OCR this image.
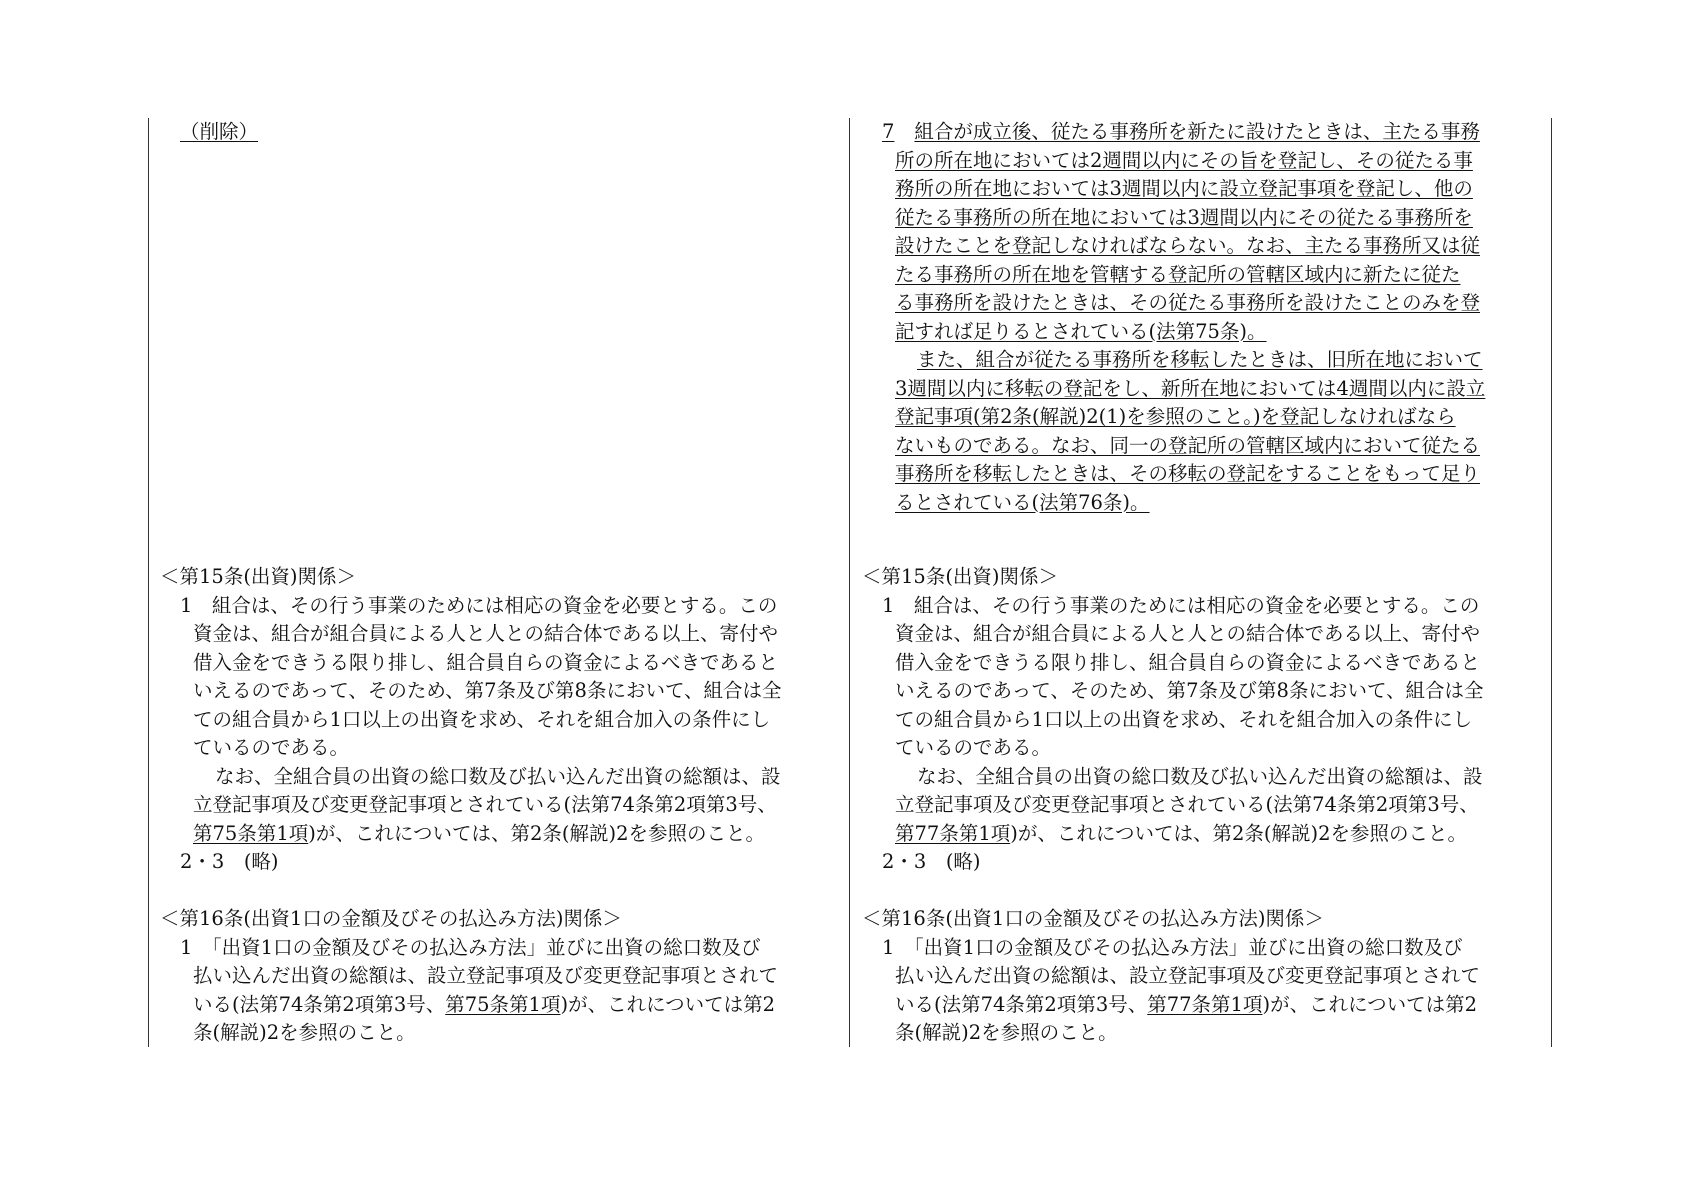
（削除）

＜第15条(出資)関係＞

1　組合は、その行う事業のためには相応の資金を必要とする。この

資金は、組合が組合員による人と人との結合体である以上、寄付や

借入金をできうる限り排し、組合員自らの資金によるべきであると

いえるのであって、そのため、第7条及び第8条において、組合は全

ての組合員から1口以上の出資を求め、それを組合加入の条件にし

ているのである。

なお、全組合員の出資の総口数及び払い込んだ出資の総額は、設

立登記事項及び変更登記事項とされている(法第74条第2項第3号、

第75条第1項)が、これについては、第2条(解説)2を参照のこと。

2・3　(略)

＜第16条(出資1口の金額及びその払込み方法)関係＞

1　「出資1口の金額及びその払込み方法」並びに出資の総口数及び

払い込んだ出資の総額は、設立登記事項及び変更登記事項とされて

いる(法第74条第2項第3号、第75条第1項)が、これについては第2

条(解説)2を参照のこと。

7 組合が成立後、従たる事務所を新たに設けたときは、主たる事務

所の所在地においては2週間以内にその旨を登記し、その従たる事

務所の所在地においては3週間以内に設立登記事項を登記し、他の

従たる事務所の所在地においては3週間以内にその従たる事務所を

設けたことを登記しなければならない。なお、主たる事務所又は従

たる事務所の所在地を管轄する登記所の管轄区域内に新たに従た

る事務所を設けたときは、その従たる事務所を設けたことのみを登

記すれば足りるとされている(法第75条)。

また、組合が従たる事務所を移転したときは、旧所在地において

3週間以内に移転の登記をし、新所在地においては4週間以内に設立

登記事項(第2条(解説)2(1)を参照のこと。)を登記しなければなら

ないものである。なお、同一の登記所の管轄区域内において従たる

事務所を移転したときは、その移転の登記をすることをもって足り

るとされている(法第76条)。

＜第15条(出資)関係＞

1　組合は、その行う事業のためには相応の資金を必要とする。この

資金は、組合が組合員による人と人との結合体である以上、寄付や

借入金をできうる限り排し、組合員自らの資金によるべきであると

いえるのであって、そのため、第7条及び第8条において、組合は全

ての組合員から1口以上の出資を求め、それを組合加入の条件にし

ているのである。

なお、全組合員の出資の総口数及び払い込んだ出資の総額は、設

立登記事項及び変更登記事項とされている(法第74条第2項第3号、

第77条第1項)が、これについては、第2条(解説)2を参照のこと。

2・3　(略)

＜第16条(出資1口の金額及びその払込み方法)関係＞

1　「出資1口の金額及びその払込み方法」並びに出資の総口数及び

払い込んだ出資の総額は、設立登記事項及び変更登記事項とされて

いる(法第74条第2項第3号、第77条第1項)が、これについては第2

条(解説)2を参照のこと。
